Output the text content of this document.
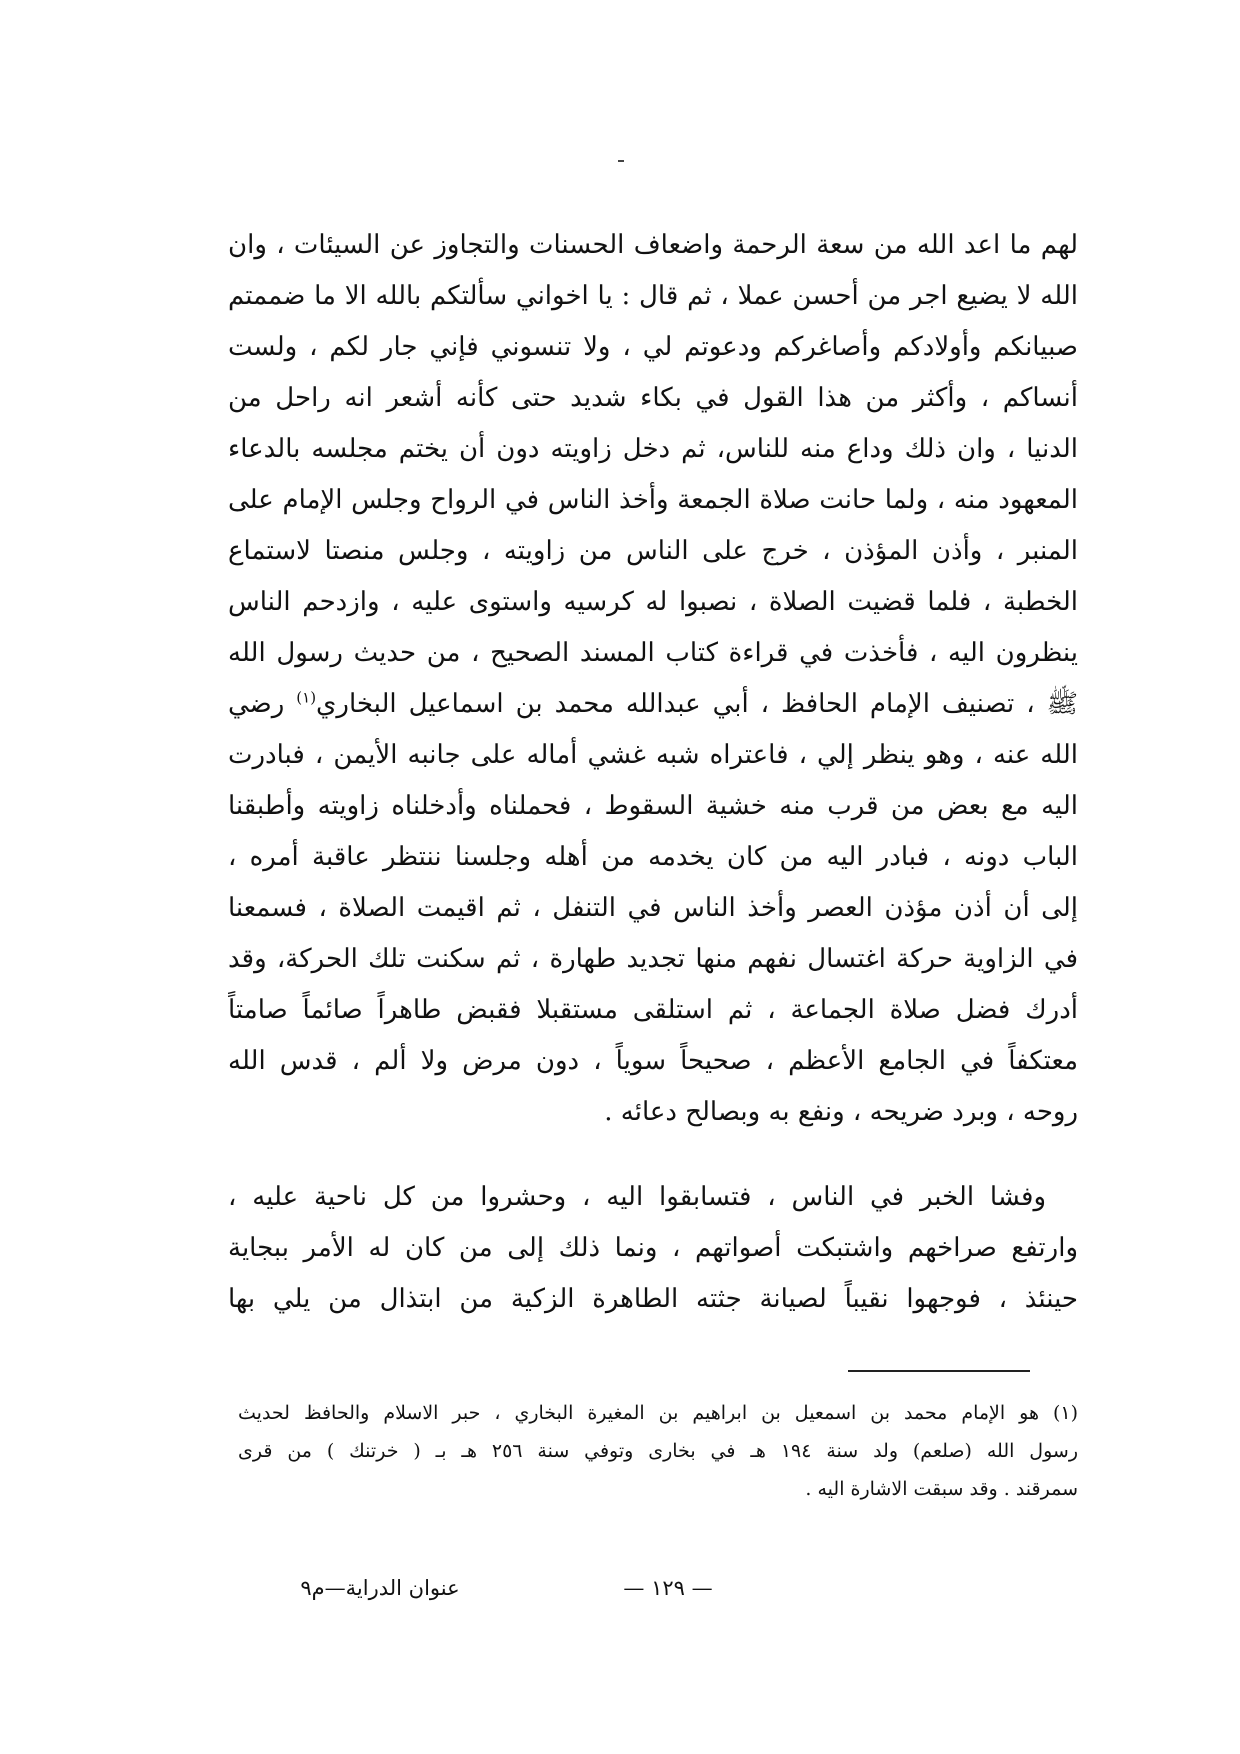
لهم ما اعد الله من سعة الرحمة واضعاف الحسنات والتجاوز عن السيئات ، وان
الله لا يضيع اجر من أحسن عملا ، ثم قال : يا اخواني سألتكم بالله الا ما ضممتم
صبيانكم وأولادكم وأصاغركم ودعوتم لي ، ولا تنسوني فإني جار لكم ، ولست
أنساكم ، وأكثر من هذا القول في بكاء شديد حتى كأنه أشعر انه راحل من
الدنيا ، وان ذلك وداع منه للناس، ثم دخل زاويته دون أن يختم مجلسه بالدعاء
المعهود منه ، ولما حانت صلاة الجمعة وأخذ الناس في الرواح وجلس الإمام على
المنبر ، وأذن المؤذن ، خرج على الناس من زاويته ، وجلس منصتا لاستماع
الخطبة ، فلما قضيت الصلاة ، نصبوا له كرسيه واستوى عليه ، وازدحم الناس
ينظرون اليه ، فأخذت في قراءة كتاب المسند الصحيح ، من حديث رسول الله
ﷺ ، تصنيف الإمام الحافظ ، أبي عبدالله محمد بن اسماعيل البخاري$^{(١)}$ رضي
الله عنه ، وهو ينظر إلي ، فاعتراه شبه غشي أماله على جانبه الأيمن ، فبادرت
اليه مع بعض من قرب منه خشية السقوط ، فحملناه وأدخلناه زاويته وأطبقنا
الباب دونه ، فبادر اليه من كان يخدمه من أهله وجلسنا ننتظر عاقبة أمره ،
إلى أن أذن مؤذن العصر وأخذ الناس في التنفل ، ثم اقيمت الصلاة ، فسمعنا
في الزاوية حركة اغتسال نفهم منها تجديد طهارة ، ثم سكنت تلك الحركة، وقد
أدرك فضل صلاة الجماعة ، ثم استلقى مستقبلا فقبض طاهراً صائماً صامتاً
معتكفاً في الجامع الأعظم ، صحيحاً سوياً ، دون مرض ولا ألم ، قدس الله
روحه ، وبرد ضريحه ، ونفع به وبصالح دعائه .
وفشا الخبر في الناس ، فتسابقوا اليه ، وحشروا من كل ناحية عليه ،
وارتفع صراخهم واشتبكت أصواتهم ، ونما ذلك إلى من كان له الأمر ببجاية
حينئذ ، فوجهوا نقيباً لصيانة جثته الطاهرة الزكية من ابتذال من يلي بها
(١) هو الإمام محمد بن اسمعيل بن ابراهيم بن المغيرة البخاري ، حبر الاسلام والحافظ لحديث
رسول الله (صلعم) ولد سنة ١٩٤ هـ في بخارى وتوفي سنة ٢٥٦ هـ بـ ( خرتنك ) من قرى
سمرقند . وقد سبقت الاشارة اليه .
— ١٢٩ —
عنوان الدراية—م٩
